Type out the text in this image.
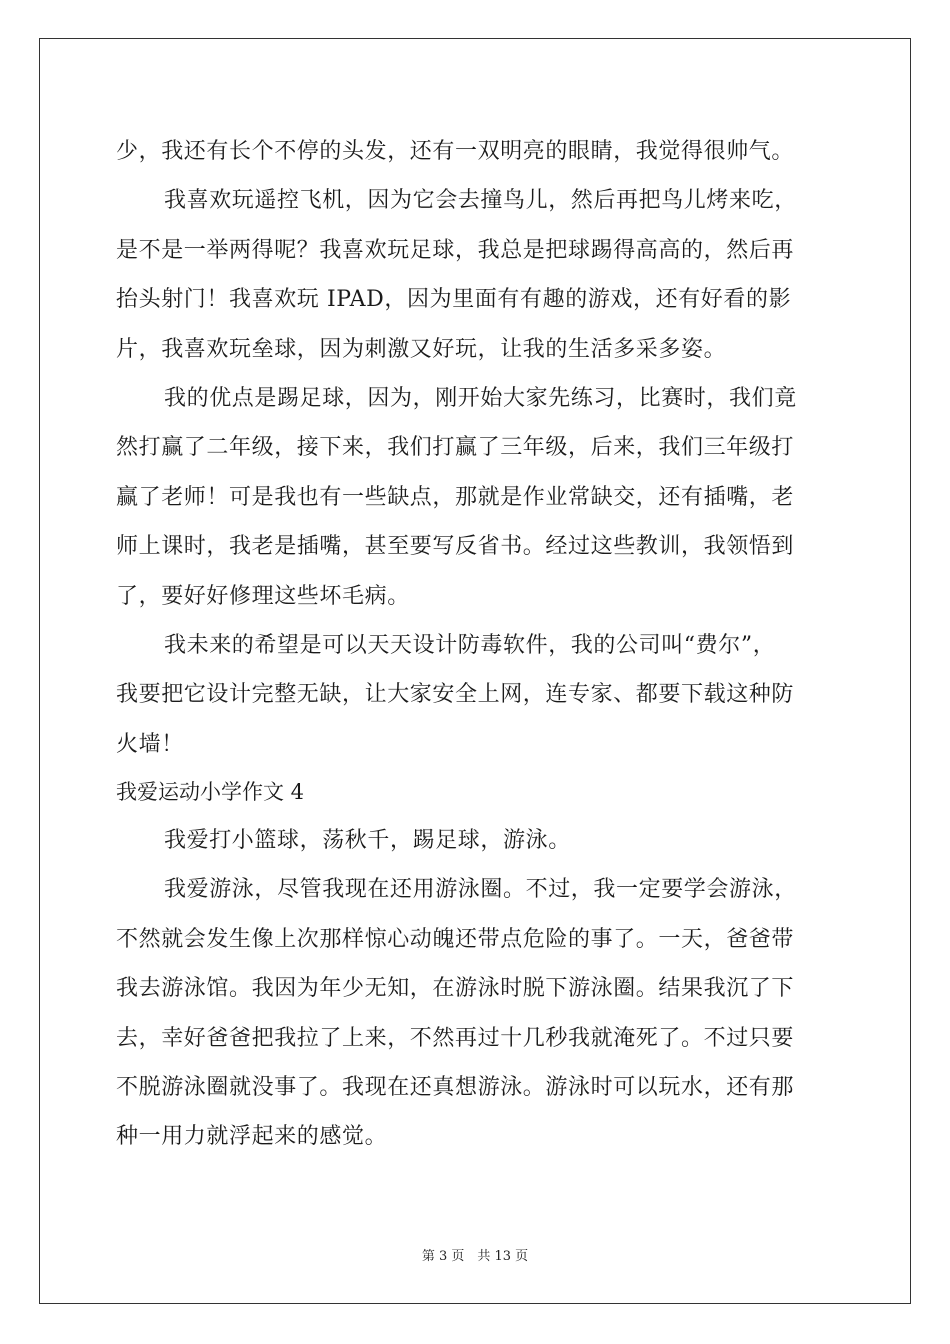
少，我还有长个不停的头发，还有一双明亮的眼睛，我觉得很帅气。
我喜欢玩遥控飞机，因为它会去撞鸟儿，然后再把鸟儿烤来吃，
是不是一举两得呢？我喜欢玩足球，我总是把球踢得高高的，然后再
抬头射门！我喜欢玩 IPAD，因为里面有有趣的游戏，还有好看的影
片，我喜欢玩垒球，因为刺激又好玩，让我的生活多采多姿。
我的优点是踢足球，因为，刚开始大家先练习，比赛时，我们竟
然打赢了二年级，接下来，我们打赢了三年级，后来，我们三年级打
赢了老师！可是我也有一些缺点，那就是作业常缺交，还有插嘴，老
师上课时，我老是插嘴，甚至要写反省书。经过这些教训，我领悟到
了，要好好修理这些坏毛病。
我未来的希望是可以天天设计防毒软件，我的公司叫“费尔”，
我要把它设计完整无缺，让大家安全上网，连专家、都要下载这种防
火墙！
我爱运动小学作文 4
我爱打小篮球，荡秋千，踢足球，游泳。
我爱游泳，尽管我现在还用游泳圈。不过，我一定要学会游泳，
不然就会发生像上次那样惊心动魄还带点危险的事了。一天，爸爸带
我去游泳馆。我因为年少无知，在游泳时脱下游泳圈。结果我沉了下
去，幸好爸爸把我拉了上来，不然再过十几秒我就淹死了。不过只要
不脱游泳圈就没事了。我现在还真想游泳。游泳时可以玩水，还有那
种一用力就浮起来的感觉。
第 3 页　共 13 页
